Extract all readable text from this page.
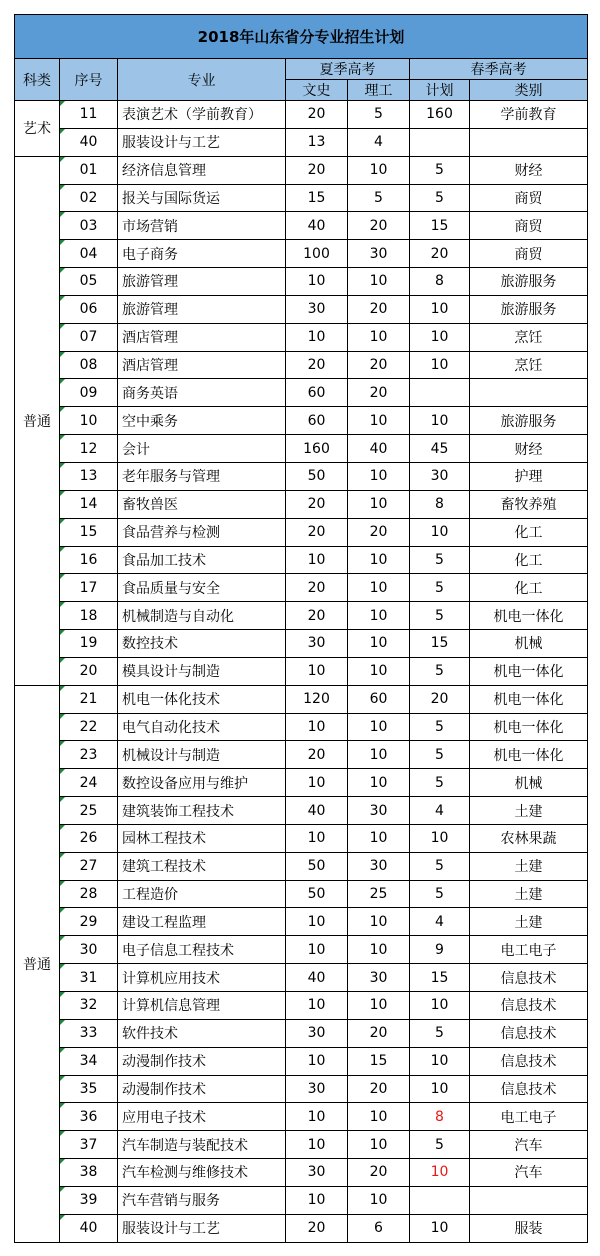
2018年山东省分专业招生计划						
科类	序号	专业	夏季高考		春季高考	
			文史	理工	计划	类别
艺术	11	表演艺术（学前教育）	20	5	160	学前教育
	40	服装设计与工艺	13	4		
普通	01	经济信息管理	20	10	5	财经
	02	报关与国际货运	15	5	5	商贸
	03	市场营销	40	20	15	商贸
	04	电子商务	100	30	20	商贸
	05	旅游管理	10	10	8	旅游服务
	06	旅游管理	30	20	10	旅游服务
	07	酒店管理	10	10	10	烹饪
	08	酒店管理	20	20	10	烹饪
	09	商务英语	60	20		
	10	空中乘务	60	10	10	旅游服务
	12	会计	160	40	45	财经
	13	老年服务与管理	50	10	30	护理
	14	畜牧兽医	20	10	8	畜牧养殖
	15	食品营养与检测	20	20	10	化工
	16	食品加工技术	10	10	5	化工
	17	食品质量与安全	20	10	5	化工
	18	机械制造与自动化	20	10	5	机电一体化
	19	数控技术	30	10	15	机械
	20	模具设计与制造	10	10	5	机电一体化
普通	21	机电一体化技术	120	60	20	机电一体化
	22	电气自动化技术	10	10	5	机电一体化
	23	机械设计与制造	20	10	5	机电一体化
	24	数控设备应用与维护	10	10	5	机械
	25	建筑装饰工程技术	40	30	4	土建
	26	园林工程技术	10	10	10	农林果蔬
	27	建筑工程技术	50	30	5	土建
	28	工程造价	50	25	5	土建
	29	建设工程监理	10	10	4	土建
	30	电子信息工程技术	10	10	9	电工电子
	31	计算机应用技术	40	30	15	信息技术
	32	计算机信息管理	10	10	10	信息技术
	33	软件技术	30	20	5	信息技术
	34	动漫制作技术	10	15	10	信息技术
	35	动漫制作技术	30	20	10	信息技术
	36	应用电子技术	10	10	8	电工电子
	37	汽车制造与装配技术	10	10	5	汽车
	38	汽车检测与维修技术	30	20	10	汽车
	39	汽车营销与服务	10	10		
	40	服装设计与工艺	20	6	10	服装
